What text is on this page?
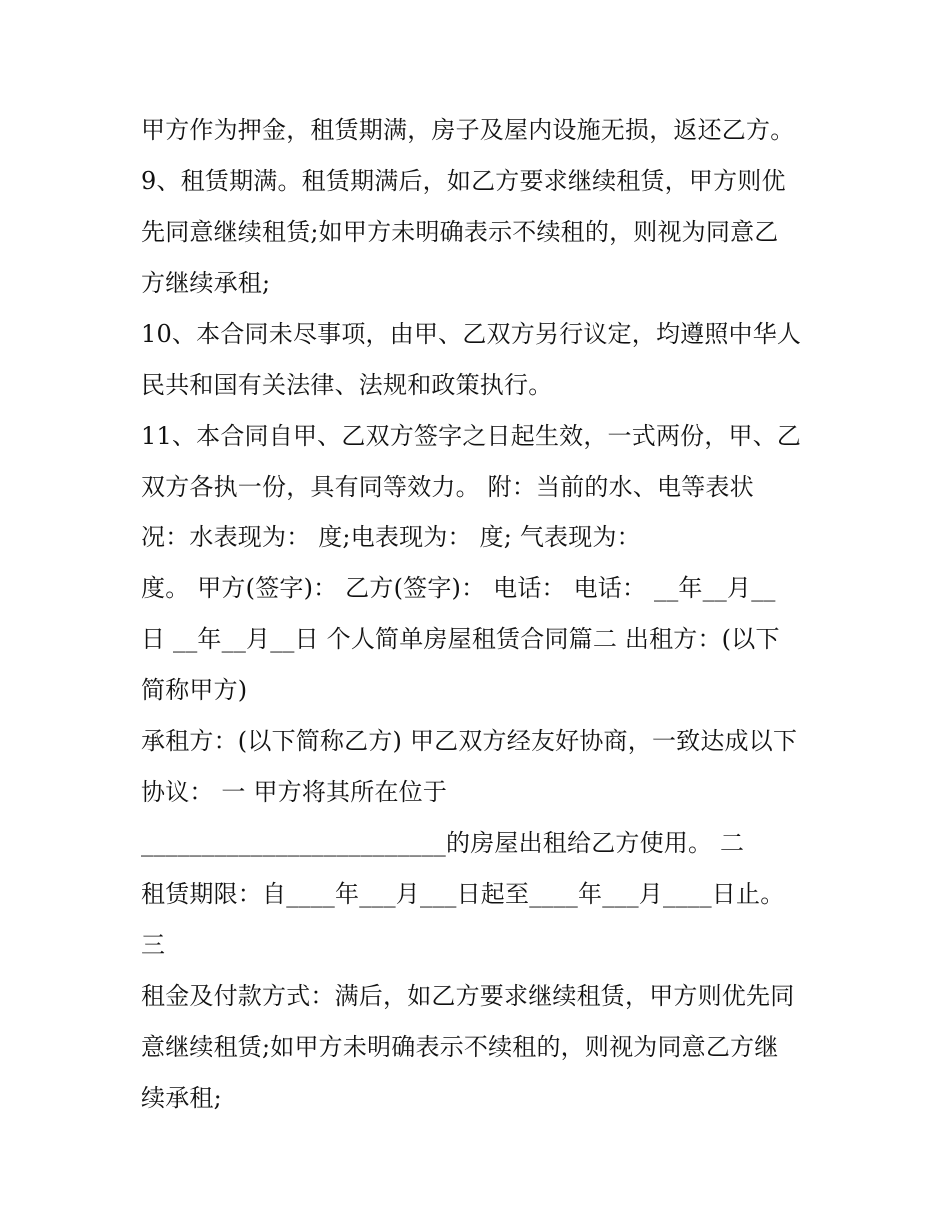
甲方作为押金，租赁期满，房子及屋内设施无损，返还乙方。
9、租赁期满。租赁期满后，如乙方要求继续租赁，甲方则优
先同意继续租赁;如甲方未明确表示不续租的，则视为同意乙
方继续承租;
10、本合同未尽事项，由甲、乙双方另行议定，均遵照中华人
民共和国有关法律、法规和政策执行。
11、本合同自甲、乙双方签字之日起生效，一式两份，甲、乙
双方各执一份，具有同等效力。 附：当前的水、电等表状
况：水表现为： 度;电表现为： 度; 气表现为：
度。 甲方(签字)： 乙方(签字)： 电话： 电话： __年__月__
日 __年__月__日 个人简单房屋租赁合同篇二 出租方：(以下
简称甲方)
承租方：(以下简称乙方) 甲乙双方经友好协商，一致达成以下
协议： 一 甲方将其所在位于
_________________________的房屋出租给乙方使用。 二
租赁期限：自____年___月___日起至____年___月____日止。
三
租金及付款方式：满后，如乙方要求继续租赁，甲方则优先同
意继续租赁;如甲方未明确表示不续租的，则视为同意乙方继
续承租;
